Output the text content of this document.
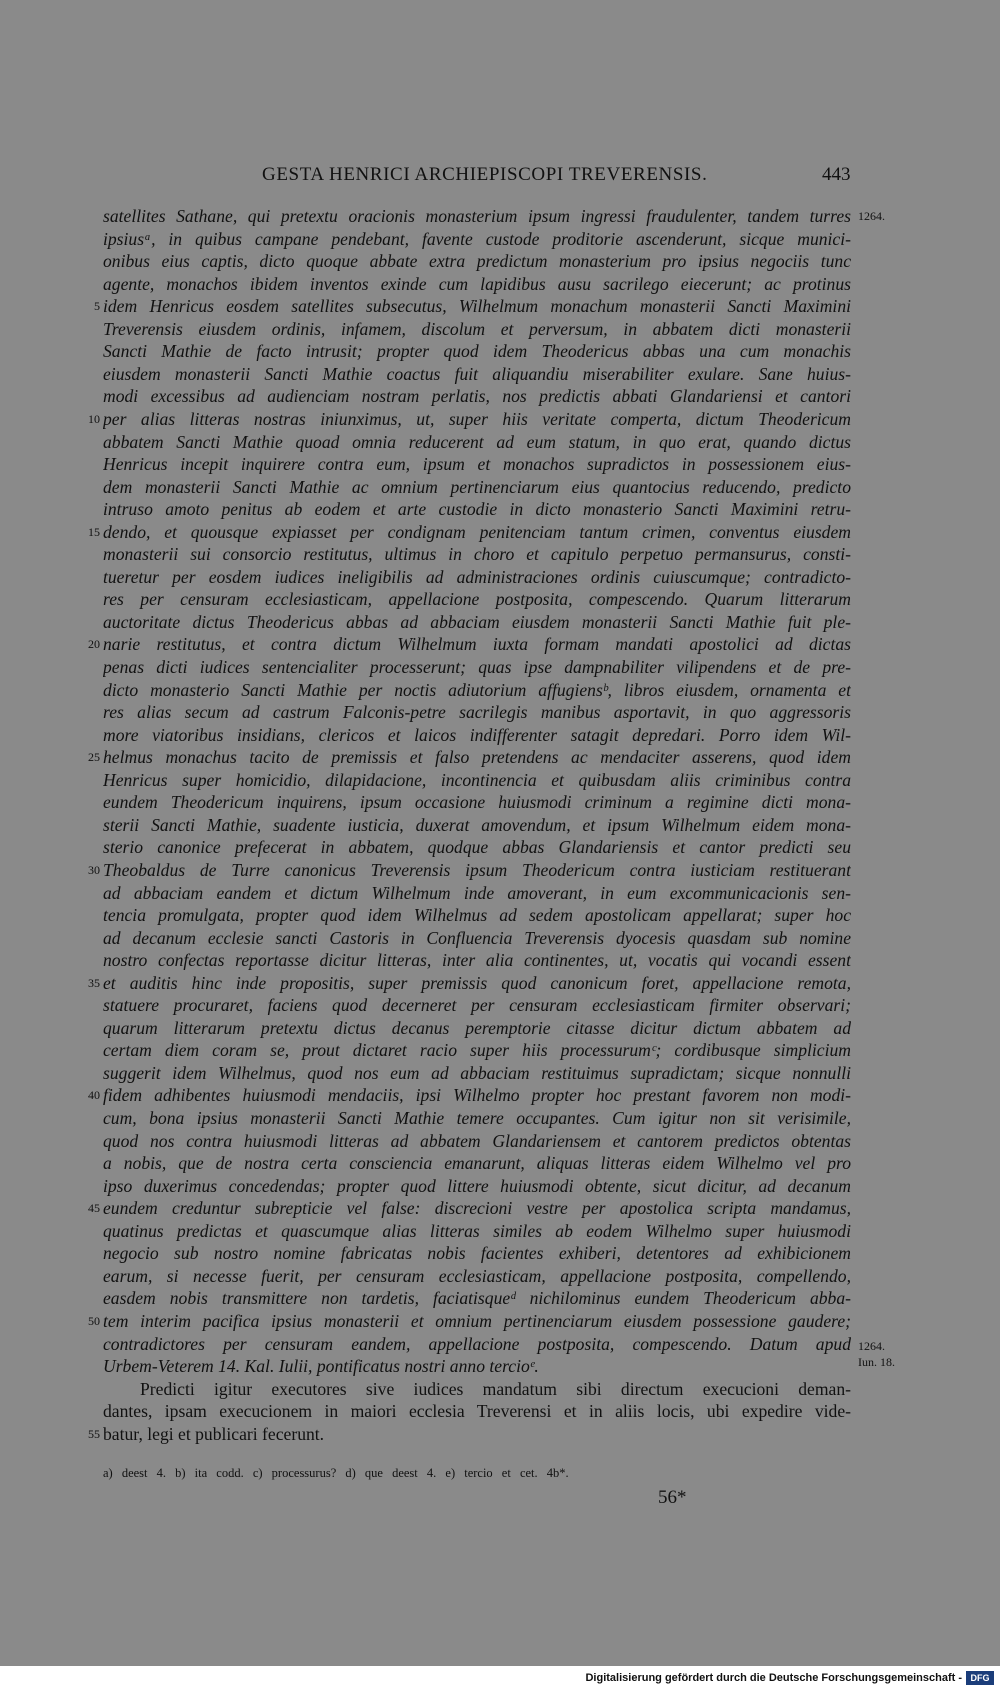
GESTA HENRICI ARCHIEPISCOPI TREVERENSIS.	443
satellites Sathane, qui pretextu oracionis monasterium ipsum ingressi fraudulenter, tandem turres
ipsiusᵃ, in quibus campane pendebant, favente custode proditorie ascenderunt, sicque munici-
onibus eius captis, dicto quoque abbate extra predictum monasterium pro ipsius negociis tunc
agente, monachos ibidem inventos exinde cum lapidibus ausu sacrilego eiecerunt; ac protinus
idem Henricus eosdem satellites subsecutus, Wilhelmum monachum monasterii Sancti Maximini
Treverensis eiusdem ordinis, infamem, discolum et perversum, in abbatem dicti monasterii
Sancti Mathie de facto intrusit; propter quod idem Theodericus abbas una cum monachis
eiusdem monasterii Sancti Mathie coactus fuit aliquandiu miserabiliter exulare. Sane huius-
modi excessibus ad audienciam nostram perlatis, nos predictis abbati Glandariensi et cantori
per alias litteras nostras iniunximus, ut, super hiis veritate comperta, dictum Theodericum
abbatem Sancti Mathie quoad omnia reducerent ad eum statum, in quo erat, quando dictus
Henricus incepit inquirere contra eum, ipsum et monachos supradictos in possessionem eius-
dem monasterii Sancti Mathie ac omnium pertinenciarum eius quantocius reducendo, predicto
intruso amoto penitus ab eodem et arte custodie in dicto monasterio Sancti Maximini retru-
dendo, et quousque expiasset per condignam penitenciam tantum crimen, conventus eiusdem
monasterii sui consorcio restitutus, ultimus in choro et capitulo perpetuo permansurus, consti-
tueretur per eosdem iudices ineligibilis ad administraciones ordinis cuiuscumque; contradicto-
res per censuram ecclesiasticam, appellacione postposita, compescendo. Quarum litterarum
auctoritate dictus Theodericus abbas ad abbaciam eiusdem monasterii Sancti Mathie fuit ple-
narie restitutus, et contra dictum Wilhelmum iuxta formam mandati apostolici ad dictas
penas dicti iudices sentencialiter processerunt; quas ipse dampnabiliter vilipendens et de pre-
dicto monasterio Sancti Mathie per noctis adiutorium affugiensᵇ, libros eiusdem, ornamenta et
res alias secum ad castrum Falconis-petre sacrilegis manibus asportavit, in quo aggressoris
more viatoribus insidians, clericos et laicos indifferenter satagit depredari. Porro idem Wil-
helmus monachus tacito de premissis et falso pretendens ac mendaciter asserens, quod idem
Henricus super homicidio, dilapidacione, incontinencia et quibusdam aliis criminibus contra
eundem Theodericum inquirens, ipsum occasione huiusmodi criminum a regimine dicti mona-
sterii Sancti Mathie, suadente iusticia, duxerat amovendum, et ipsum Wilhelmum eidem mona-
sterio canonice prefecerat in abbatem, quodque abbas Glandariensis et cantor predicti seu
Theobaldus de Turre canonicus Treverensis ipsum Theodericum contra iusticiam restituerant
ad abbaciam eandem et dictum Wilhelmum inde amoverant, in eum excommunicacionis sen-
tencia promulgata, propter quod idem Wilhelmus ad sedem apostolicam appellarat; super hoc
ad decanum ecclesie sancti Castoris in Confluencia Treverensis dyocesis quasdam sub nomine
nostro confectas reportasse dicitur litteras, inter alia continentes, ut, vocatis qui vocandi essent
et auditis hinc inde propositis, super premissis quod canonicum foret, appellacione remota,
statuere procuraret, faciens quod decerneret per censuram ecclesiasticam firmiter observari;
quarum litterarum pretextu dictus decanus peremptorie citasse dicitur dictum abbatem ad
certam diem coram se, prout dictaret racio super hiis processurumᶜ; cordibusque simplicium
suggerit idem Wilhelmus, quod nos eum ad abbaciam restituimus supradictam; sicque nonnulli
fidem adhibentes huiusmodi mendaciis, ipsi Wilhelmo propter hoc prestant favorem non modi-
cum, bona ipsius monasterii Sancti Mathie temere occupantes. Cum igitur non sit verisimile,
quod nos contra huiusmodi litteras ad abbatem Glandariensem et cantorem predictos obtentas
a nobis, que de nostra certa consciencia emanarunt, aliquas litteras eidem Wilhelmo vel pro
ipso duxerimus concedendas; propter quod littere huiusmodi obtente, sicut dicitur, ad decanum
eundem creduntur subrepticie vel false: discrecioni vestre per apostolica scripta mandamus,
quatinus predictas et quascumque alias litteras similes ab eodem Wilhelmo super huiusmodi
negocio sub nostro nomine fabricatas nobis facientes exhiberi, detentores ad exhibicionem
earum, si necesse fuerit, per censuram ecclesiasticam, appellacione postposita, compellendo,
easdem nobis transmittere non tardetis, faciatisqueᵈ nichilominus eundem Theodericum abba-
tem interim pacifica ipsius monasterii et omnium pertinenciarum eiusdem possessione gaudere;
contradictores per censuram eandem, appellacione postposita, compescendo. Datum apud
Urbem-Veterem 14. Kal. Iulii, pontificatus nostri anno tercioᵉ.
Predicti igitur executores sive iudices mandatum sibi directum execucioni deman-
dantes, ipsam execucionem in maiori ecclesia Treverensi et in aliis locis, ubi expedire vide-
batur, legi et publicari fecerunt.
5
10
15
20
25
30
35
40
45
50
55
1264.
1264.
Iun. 18.
a) deest 4. b) ita codd. c) processurus? d) que deest 4. e) tercio et cet. 4b*.
56*
Digitalisierung gefördert durch die Deutsche Forschungsgemeinschaft - DFG
